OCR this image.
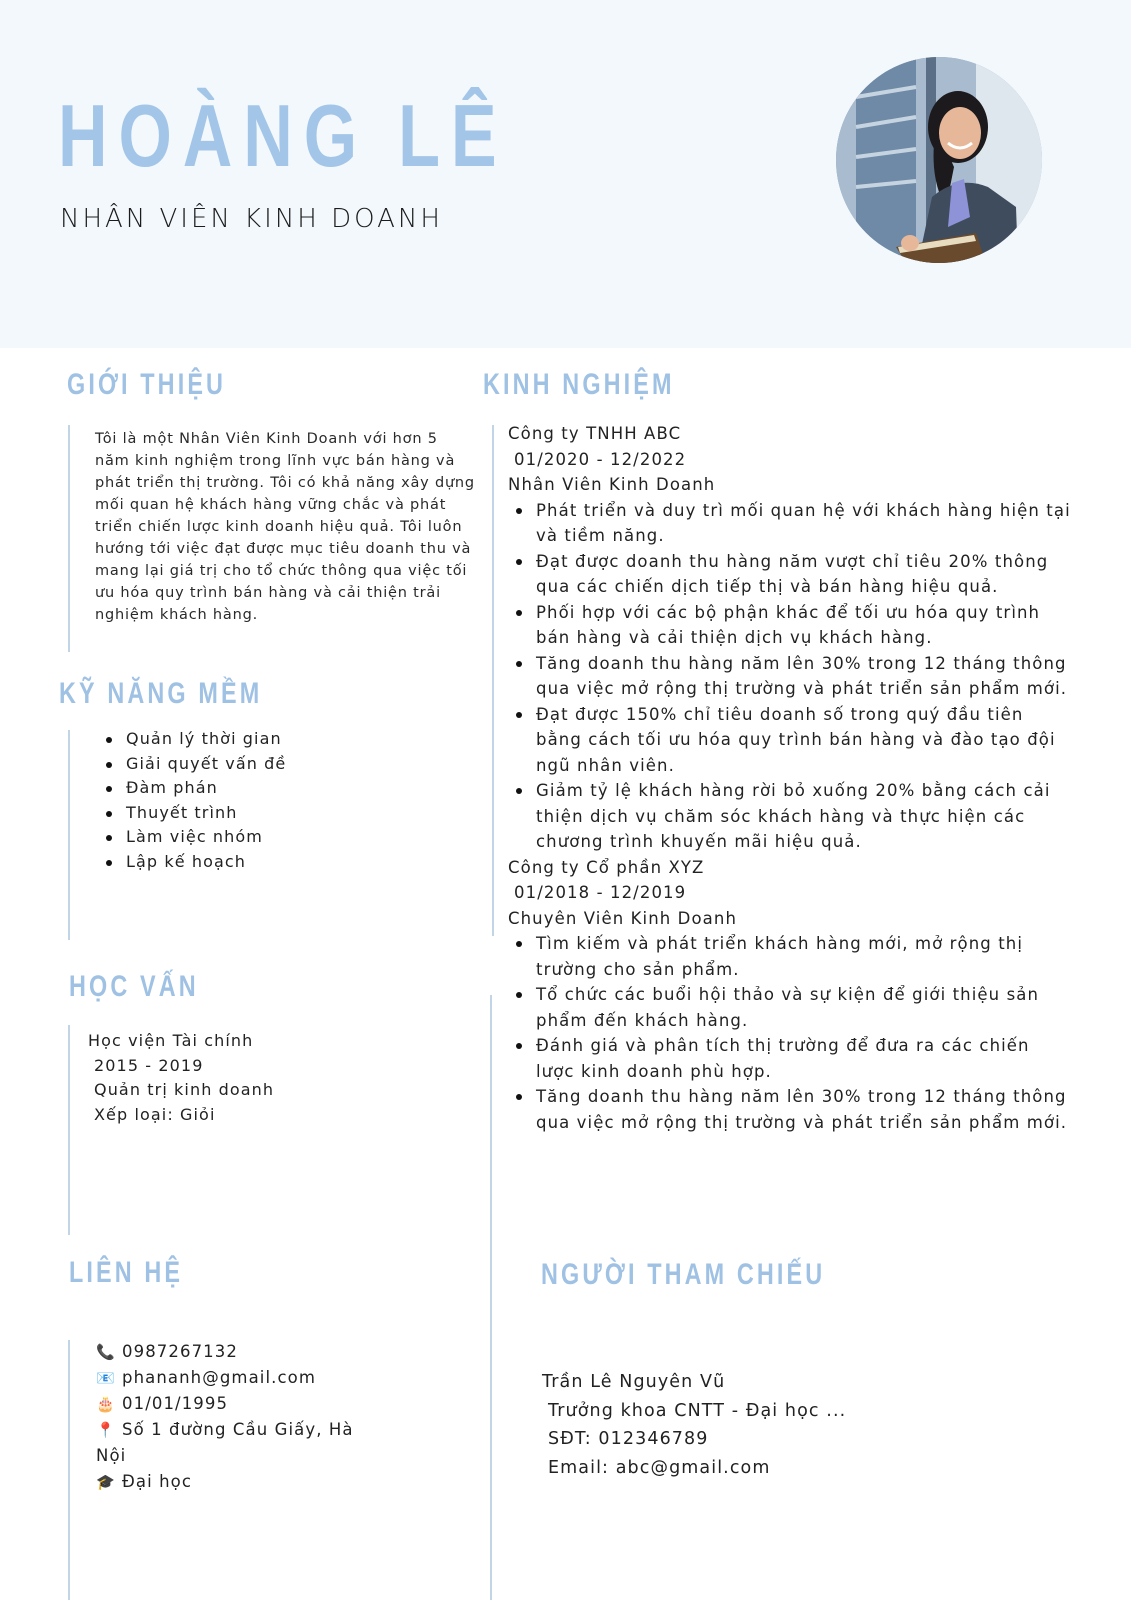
HOÀNG LÊ
NHÂN VIÊN KINH DOANH
GIỚI THIỆU
Tôi là một Nhân Viên Kinh Doanh với hơn 5
năm kinh nghiệm trong lĩnh vực bán hàng và
phát triển thị trường. Tôi có khả năng xây dựng
mối quan hệ khách hàng vững chắc và phát
triển chiến lược kinh doanh hiệu quả. Tôi luôn
hướng tới việc đạt được mục tiêu doanh thu và
mang lại giá trị cho tổ chức thông qua việc tối
ưu hóa quy trình bán hàng và cải thiện trải
nghiệm khách hàng.
KỸ NĂNG MỀM
Quản lý thời gian
Giải quyết vấn đề
Đàm phán
Thuyết trình
Làm việc nhóm
Lập kế hoạch
HỌC VẤN
Học viện Tài chính
2015 - 2019
Quản trị kinh doanh
Xếp loại: Giỏi
LIÊN HỆ
📞 0987267132
📧 phananh@gmail.com
🎂 01/01/1995
📍 Số 1 đường Cầu Giấy, Hà
Nội
🎓 Đại học
KINH NGHIỆM
Công ty TNHH ABC
01/2020 - 12/2022
Nhân Viên Kinh Doanh
Phát triển và duy trì mối quan hệ với khách hàng hiện tại
và tiềm năng.
Đạt được doanh thu hàng năm vượt chỉ tiêu 20% thông
qua các chiến dịch tiếp thị và bán hàng hiệu quả.
Phối hợp với các bộ phận khác để tối ưu hóa quy trình
bán hàng và cải thiện dịch vụ khách hàng.
Tăng doanh thu hàng năm lên 30% trong 12 tháng thông
qua việc mở rộng thị trường và phát triển sản phẩm mới.
Đạt được 150% chỉ tiêu doanh số trong quý đầu tiên
bằng cách tối ưu hóa quy trình bán hàng và đào tạo đội
ngũ nhân viên.
Giảm tỷ lệ khách hàng rời bỏ xuống 20% bằng cách cải
thiện dịch vụ chăm sóc khách hàng và thực hiện các
chương trình khuyến mãi hiệu quả.
Công ty Cổ phần XYZ
01/2018 - 12/2019
Chuyên Viên Kinh Doanh
Tìm kiếm và phát triển khách hàng mới, mở rộng thị
trường cho sản phẩm.
Tổ chức các buổi hội thảo và sự kiện để giới thiệu sản
phẩm đến khách hàng.
Đánh giá và phân tích thị trường để đưa ra các chiến
lược kinh doanh phù hợp.
Tăng doanh thu hàng năm lên 30% trong 12 tháng thông
qua việc mở rộng thị trường và phát triển sản phẩm mới.
NGƯỜI THAM CHIẾU
Trần Lê Nguyên Vũ
Trưởng khoa CNTT - Đại học ...
SĐT: 012346789
Email: abc@gmail.com
